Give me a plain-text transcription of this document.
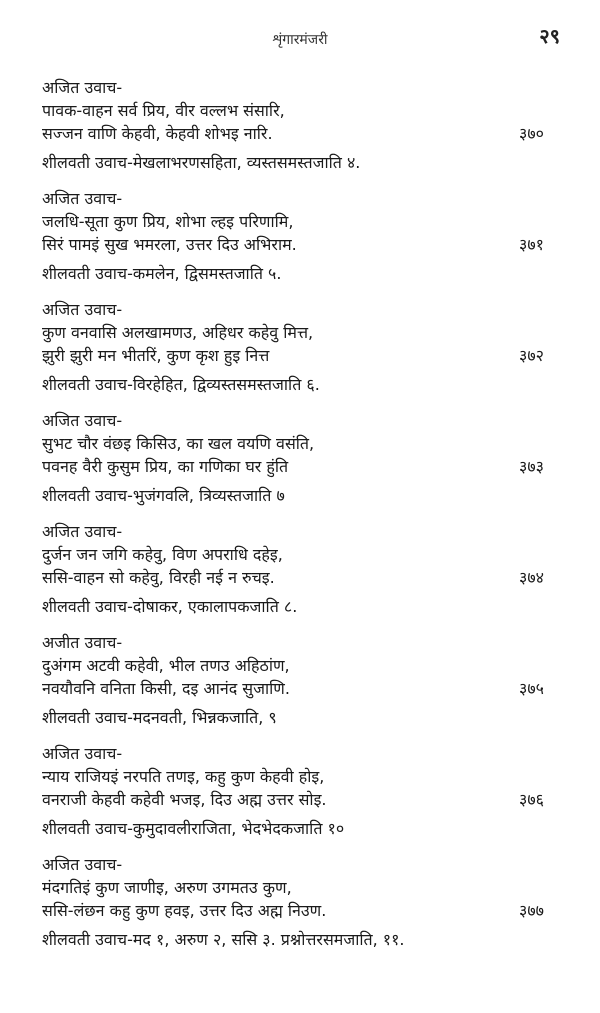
शृंगारमंजरी	२९
अजित उवाच-
पावक-वाहन सर्व प्रिय, वीर वल्लभ संसारि,
सज्जन वाणि केहवी, केहवी शोभइ नारि.	३७०
शीलवती उवाच-मेखलाभरणसहिता, व्यस्तसमस्तजाति ४.
अजित उवाच-
जलधि-सूता कुण प्रिय, शोभा ल्हइ परिणामि,
सिरं पामइं सुख भमरला, उत्तर दिउ अभिराम.	३७१
शीलवती उवाच-कमलेन, द्विसमस्तजाति ५.
अजित उवाच-
कुण वनवासि अलखामणउ, अहिधर कहेवु मित्त,
झुरी झुरी मन भीतरिं, कुण कृश हुइ नित्त	३७२
शीलवती उवाच-विरहेहित, द्विव्यस्तसमस्तजाति ६.
अजित उवाच-
सुभट चौर वंछइ किसिउ, का खल वयणि वसंति,
पवनह वैरी कुसुम प्रिय, का गणिका घर हुंति	३७३
शीलवती उवाच-भुजंगवलि, त्रिव्यस्तजाति ७
अजित उवाच-
दुर्जन जन जगि कहेवु, विण अपराधि दहेइ,
ससि-वाहन सो कहेवु, विरही नई न रुचइ.	३७४
शीलवती उवाच-दोषाकर, एकालापकजाति ८.
अजीत उवाच-
दुअंगम अटवी कहेवी, भील तणउ अहिठांण,
नवयौवनि वनिता किसी, दइ आनंद सुजाणि.	३७५
शीलवती उवाच-मदनवती, भिन्नकजाति, ९
अजित उवाच-
न्याय राजियइं नरपति तणइ, कहु कुण केहवी होइ,
वनराजी केहवी कहेवी भजइ, दिउ अह्म उत्तर सोइ.	३७६
शीलवती उवाच-कुमुदावलीराजिता, भेदभेदकजाति १०
अजित उवाच-
मंदगतिइं कुण जाणीइ, अरुण उगमतउ कुण,
ससि-लंछन कहु कुण हवइ, उत्तर दिउ अह्म निउण.	३७७
शीलवती उवाच-मद १, अरुण २, ससि ३. प्रश्नोत्तरसमजाति, ११.
